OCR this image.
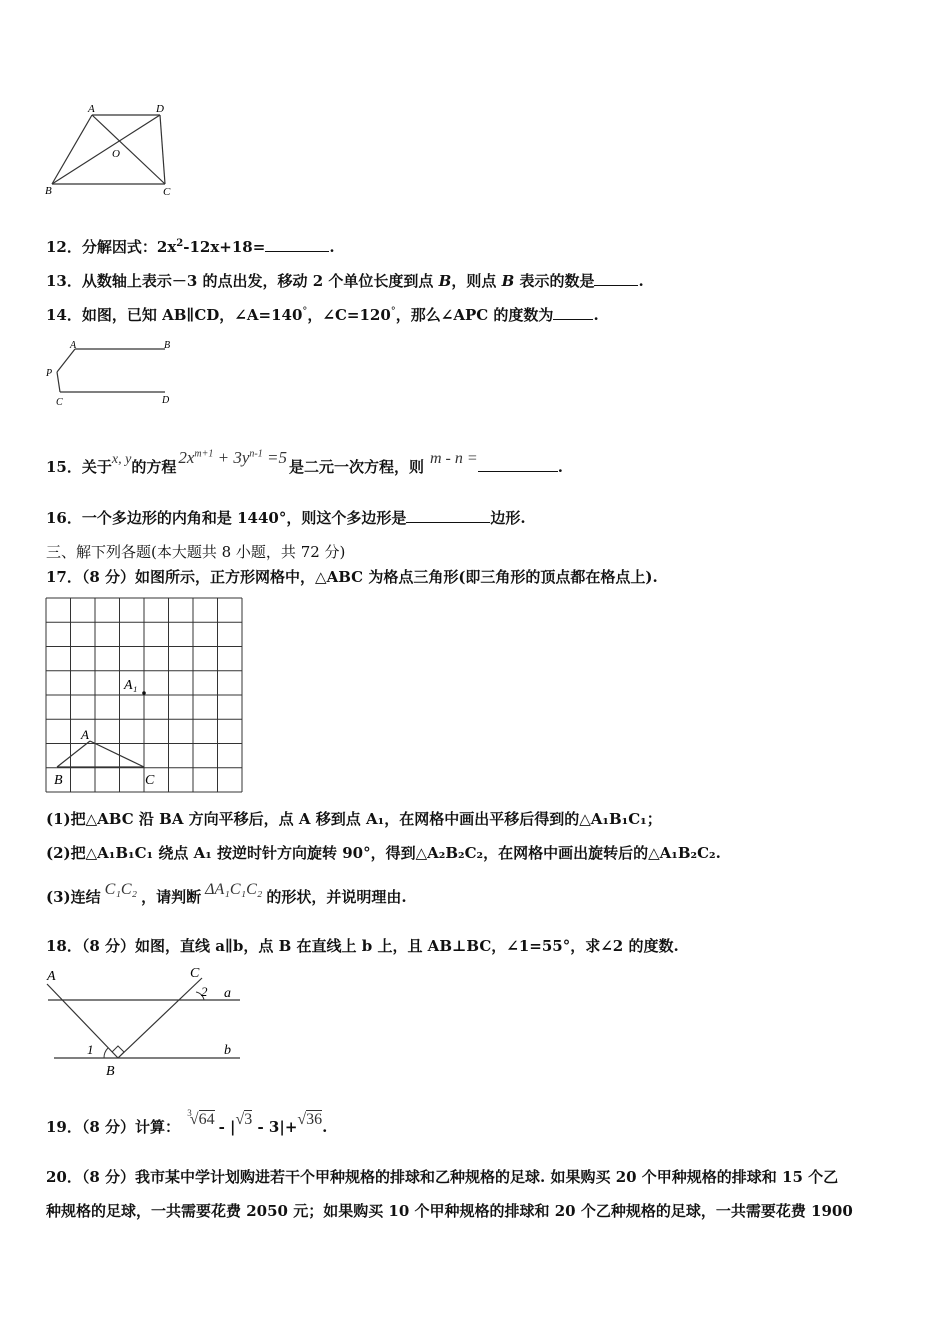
A	D
O
B	C
12．分解因式：$2x^2-12x+18=$	.
13．从数轴上表示－3 的点出发，移动 2 个单位长度到点 B，则点 B 表示的数是	.
14．如图，已知 AB∥CD，∠A=140°，∠C=120°，那么∠APC 的度数为	.
A	B
P
C	D
15．关于x, y的方程 $2x^{m+1} + 3y^{n-1} =5$ 是二元一次方程，则 m - n =	.
16．一个多边形的内角和是 1440°，则这个多边形是	边形.
三、解下列各题(本大题共 8 小题，共 72 分)
17．（8 分）如图所示，正方形网格中，△ABC 为格点三角形(即三角形的顶点都在格点上).
A₁
A
B	C
(1)把△ABC 沿 BA 方向平移后，点 A 移到点 A₁，在网格中画出平移后得到的△A₁B₁C₁；
(2)把△A₁B₁C₁ 绕点 A₁ 按逆时针方向旋转 90°，得到△A₂B₂C₂，在网格中画出旋转后的△A₁B₂C₂.
(3)连结 C₁C₂ ，请判断 ΔA₁C₁C₂ 的形状，并说明理由.
18．（8 分）如图，直线 a∥b，点 B 在直线上 b 上，且 AB⊥BC，∠1=55°，求∠2 的度数.
A	C
2 a
1	b
B
19．（8 分）计算： $^3$√64 - |√3 - 3|+√36.
20．（8 分）我市某中学计划购进若干个甲种规格的排球和乙种规格的足球. 如果购买 20 个甲种规格的排球和 15 个乙
种规格的足球，一共需要花费 2050 元；如果购买 10 个甲种规格的排球和 20 个乙种规格的足球，一共需要花费 1900
